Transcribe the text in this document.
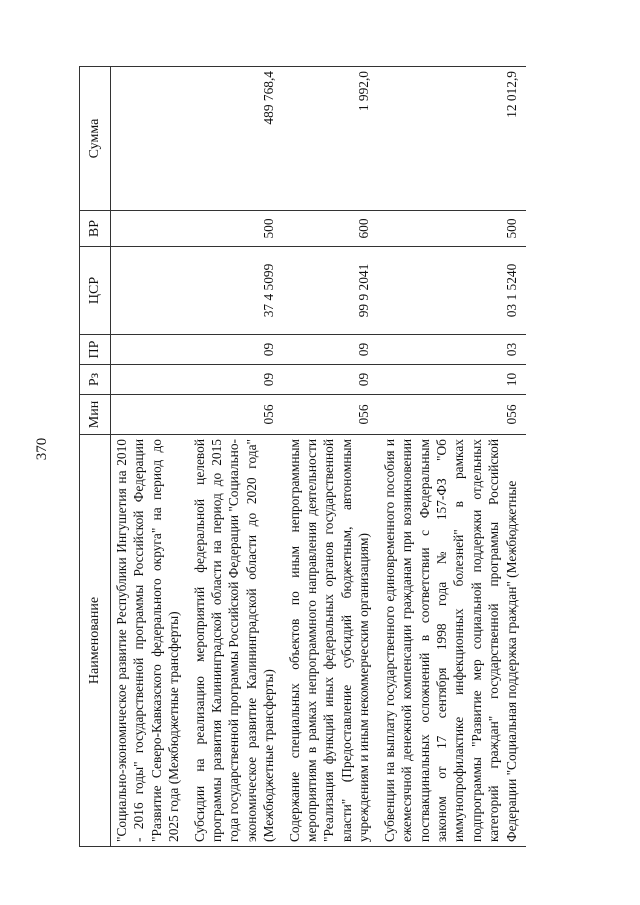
370
Наименование	Мин	Рз	ПР	ЦСР	ВР	Сумма
"Социально-экономическое развитие Республики Ингушетия на 2010 - 2016 годы" государственной программы Российской Федерации "Развитие Северо-Кавказского федерального округа" на период до 2025 года (Межбюджетные трансферты)						
Субсидии на реализацию мероприятий федеральной целевой программы развития Калининградской области на период до 2015 года государственной программы Российской Федерации "Социально-экономическое развитие Калининградской области до 2020 года" (Межбюджетные трансферты)	056	09	09	37 4 5099	500	489 768,4
Содержание специальных объектов по иным непрограммным мероприятиям в рамках непрограммного направления деятельности "Реализация функций иных федеральных органов государственной власти" (Предоставление субсидий бюджетным, автономным учреждениям и иным некоммерческим организациям)	056	09	09	99 9 2041	600	1 992,0
Субвенции на выплату государственного единовременного пособия и ежемесячной денежной компенсации гражданам при возникновении поствакцинальных осложнений в соответствии с Федеральным законом от 17 сентября 1998 года № 157-ФЗ "Об иммунопрофилактике инфекционных болезней" в рамках подпрограммы "Развитие мер социальной поддержки отдельных категорий граждан" государственной программы Российской Федерации "Социальная поддержка граждан" (Межбюджетные	056	10	03	03 1 5240	500	12 012,9
